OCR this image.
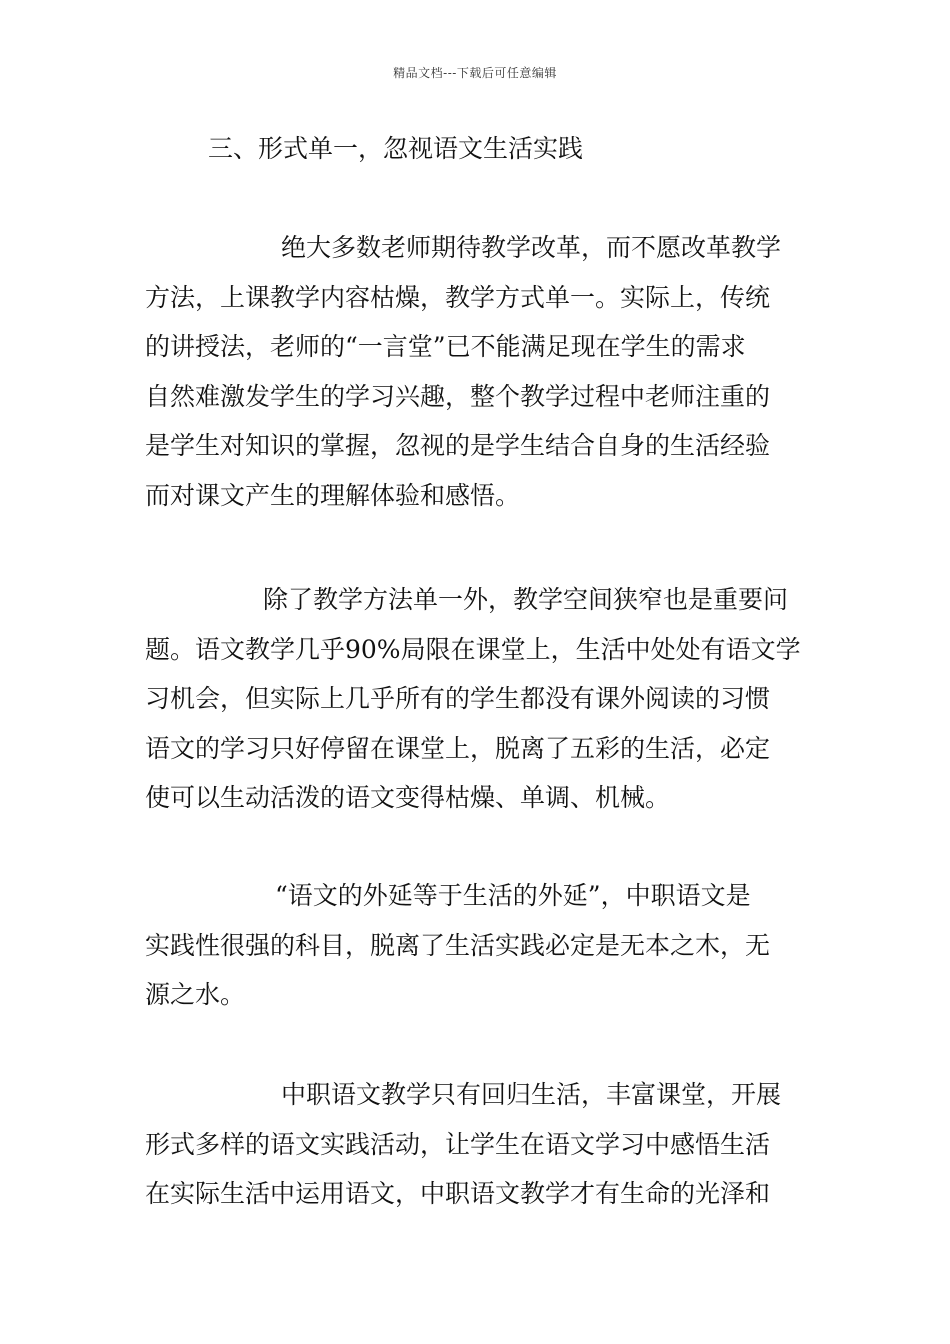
精品文档---下载后可任意编辑
三、形式单一，忽视语文生活实践
绝大多数老师期待教学改革，而不愿改革教学
方法，上课教学内容枯燥，教学方式单一。实际上，传统
的讲授法，老师的“一言堂”已不能满足现在学生的需求
自然难激发学生的学习兴趣，整个教学过程中老师注重的
是学生对知识的掌握，忽视的是学生结合自身的生活经验
而对课文产生的理解体验和感悟。
除了教学方法单一外，教学空间狭窄也是重要问
题。语文教学几乎90%局限在课堂上，生活中处处有语文学
习机会，但实际上几乎所有的学生都没有课外阅读的习惯
语文的学习只好停留在课堂上，脱离了五彩的生活，必定
使可以生动活泼的语文变得枯燥、单调、机械。
“语文的外延等于生活的外延”，中职语文是
实践性很强的科目，脱离了生活实践必定是无本之木，无
源之水。
中职语文教学只有回归生活，丰富课堂，开展
形式多样的语文实践活动，让学生在语文学习中感悟生活
在实际生活中运用语文，中职语文教学才有生命的光泽和
